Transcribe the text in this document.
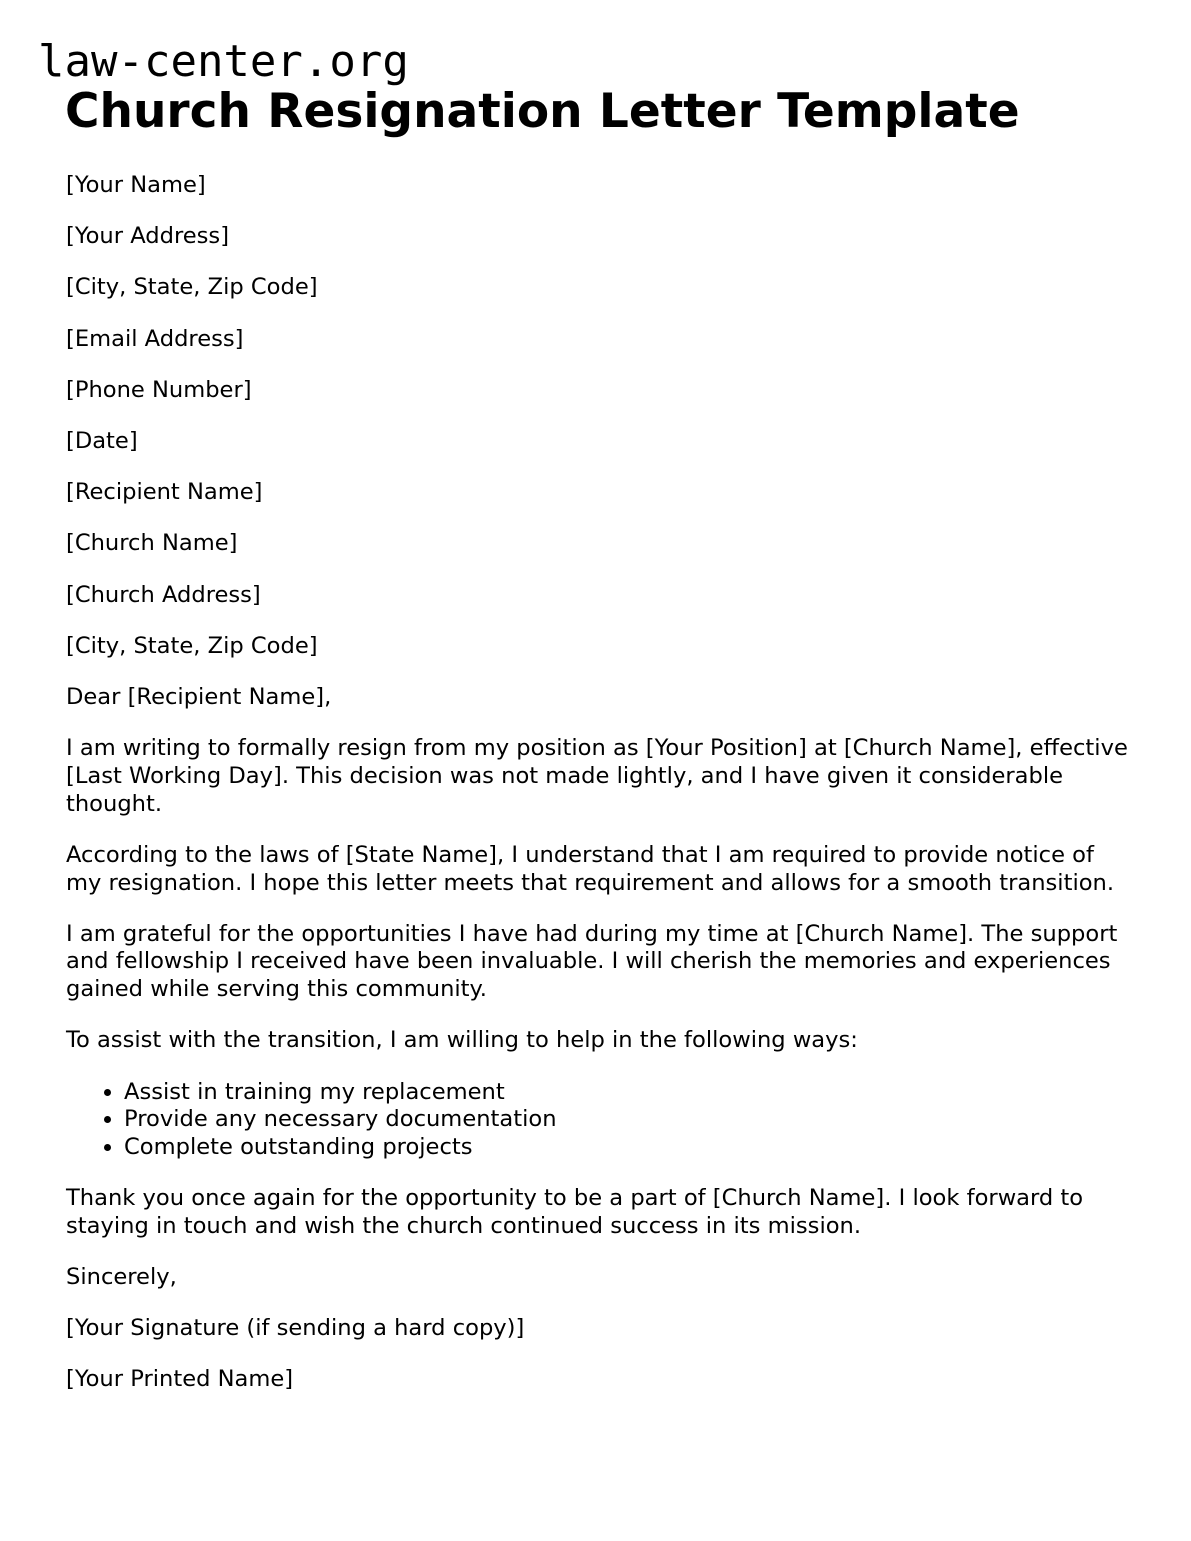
law-center.org
Church Resignation Letter Template

[Your Name]

[Your Address]

[City, State, Zip Code]

[Email Address]

[Phone Number]

[Date]

[Recipient Name]

[Church Name]

[Church Address]

[City, State, Zip Code]

Dear [Recipient Name],

I am writing to formally resign from my position as [Your Position] at [Church Name], effective [Last Working Day]. This decision was not made lightly, and I have given it considerable thought.

According to the laws of [State Name], I understand that I am required to provide notice of my resignation. I hope this letter meets that requirement and allows for a smooth transition.

I am grateful for the opportunities I have had during my time at [Church Name]. The support and fellowship I received have been invaluable. I will cherish the memories and experiences gained while serving this community.

To assist with the transition, I am willing to help in the following ways:

• Assist in training my replacement
• Provide any necessary documentation
• Complete outstanding projects

Thank you once again for the opportunity to be a part of [Church Name]. I look forward to staying in touch and wish the church continued success in its mission.

Sincerely,

[Your Signature (if sending a hard copy)]

[Your Printed Name]
